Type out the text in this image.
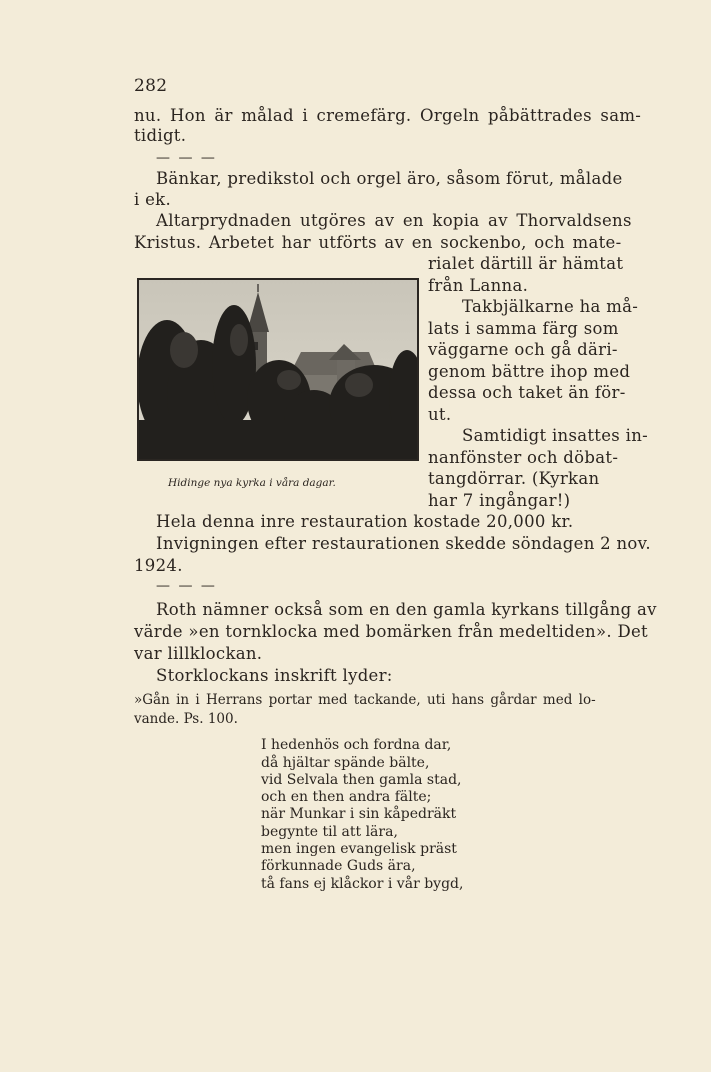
282
nu. Hon är målad i cremefärg. Orgeln påbättrades sam-
tidigt.
— — —
Bänkar, predikstol och orgel äro, såsom förut, målade
i ek.
Altarprydnaden utgöres av en kopia av Thorvaldsens
Kristus. Arbetet har utförts av en sockenbo, och mate-
rialet därtill är hämtat
från Lanna.
Takbjälkarne ha må-
lats i samma färg som
väggarne och gå däri-
genom bättre ihop med
dessa och taket än för-
ut.
Samtidigt insattes in-
nanfönster och döbat-
tangdörrar. (Kyrkan
har 7 ingångar!)
Hidinge nya kyrka i våra dagar.
Hela denna inre restauration kostade 20,000 kr.
Invigningen efter restaurationen skedde söndagen 2 nov.
1924.
— — —
Roth nämner också som en den gamla kyrkans tillgång av
värde »en tornklocka med bomärken från medeltiden». Det
var lillklockan.
Storklockans inskrift lyder:
»Gån in i Herrans portar med tackande, uti hans gårdar med lo-
vande. Ps. 100.
I hedenhös och fordna dar,
då hjältar spände bälte,
vid Selvala then gamla stad,
och en then andra fälte;
när Munkar i sin kåpedräkt
begynte til att lära,
men ingen evangelisk präst
förkunnade Guds ära,
tå fans ej klåckor i vår bygd,
